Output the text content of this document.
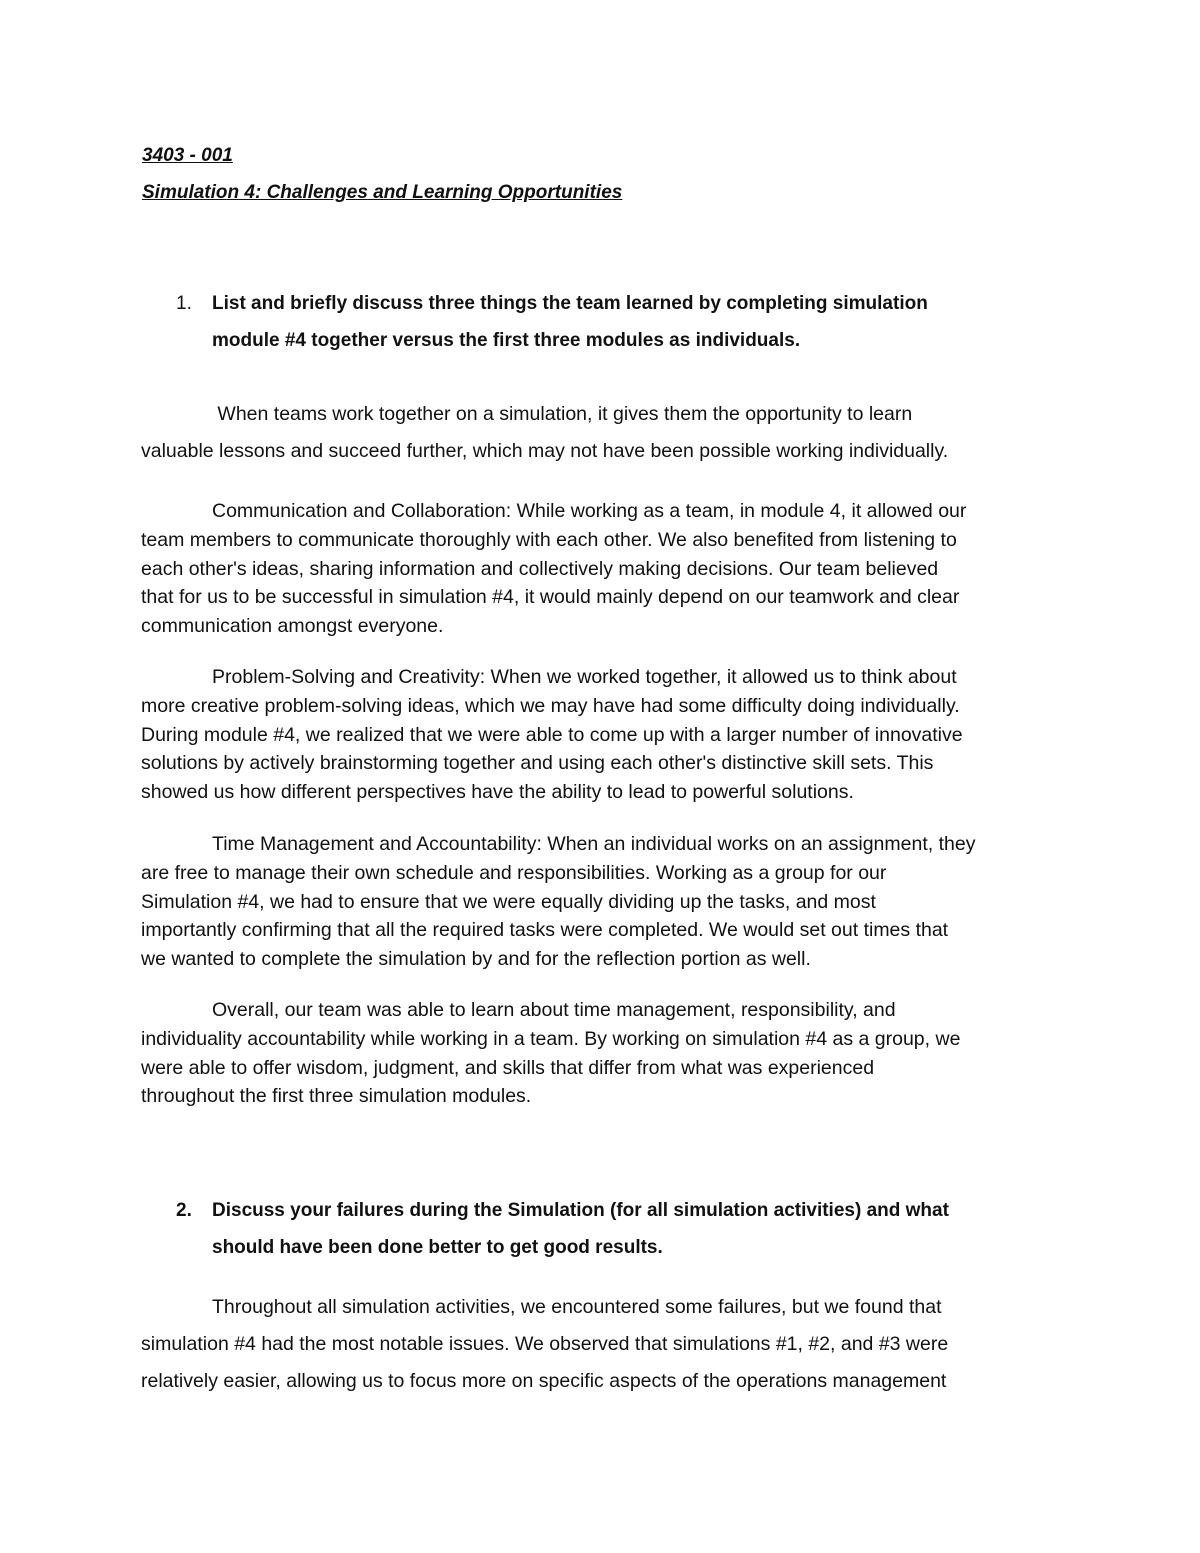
3403 - 001
Simulation 4: Challenges and Learning Opportunities
1.	List and briefly discuss three things the team learned by completing simulation
module #4 together versus the first three modules as individuals.
When teams work together on a simulation, it gives them the opportunity to learn
valuable lessons and succeed further, which may not have been possible working individually.
Communication and Collaboration: While working as a team, in module 4, it allowed our
team members to communicate thoroughly with each other. We also benefited from listening to
each other's ideas, sharing information and collectively making decisions. Our team believed
that for us to be successful in simulation #4, it would mainly depend on our teamwork and clear
communication amongst everyone.
Problem-Solving and Creativity: When we worked together, it allowed us to think about
more creative problem-solving ideas, which we may have had some difficulty doing individually.
During module #4, we realized that we were able to come up with a larger number of innovative
solutions by actively brainstorming together and using each other's distinctive skill sets. This
showed us how different perspectives have the ability to lead to powerful solutions.
Time Management and Accountability: When an individual works on an assignment, they
are free to manage their own schedule and responsibilities. Working as a group for our
Simulation #4, we had to ensure that we were equally dividing up the tasks, and most
importantly confirming that all the required tasks were completed. We would set out times that
we wanted to complete the simulation by and for the reflection portion as well.
Overall, our team was able to learn about time management, responsibility, and
individuality accountability while working in a team. By working on simulation #4 as a group, we
were able to offer wisdom, judgment, and skills that differ from what was experienced
throughout the first three simulation modules.
2.	Discuss your failures during the Simulation (for all simulation activities) and what
should have been done better to get good results.
Throughout all simulation activities, we encountered some failures, but we found that
simulation #4 had the most notable issues. We observed that simulations #1, #2, and #3 were
relatively easier, allowing us to focus more on specific aspects of the operations management
